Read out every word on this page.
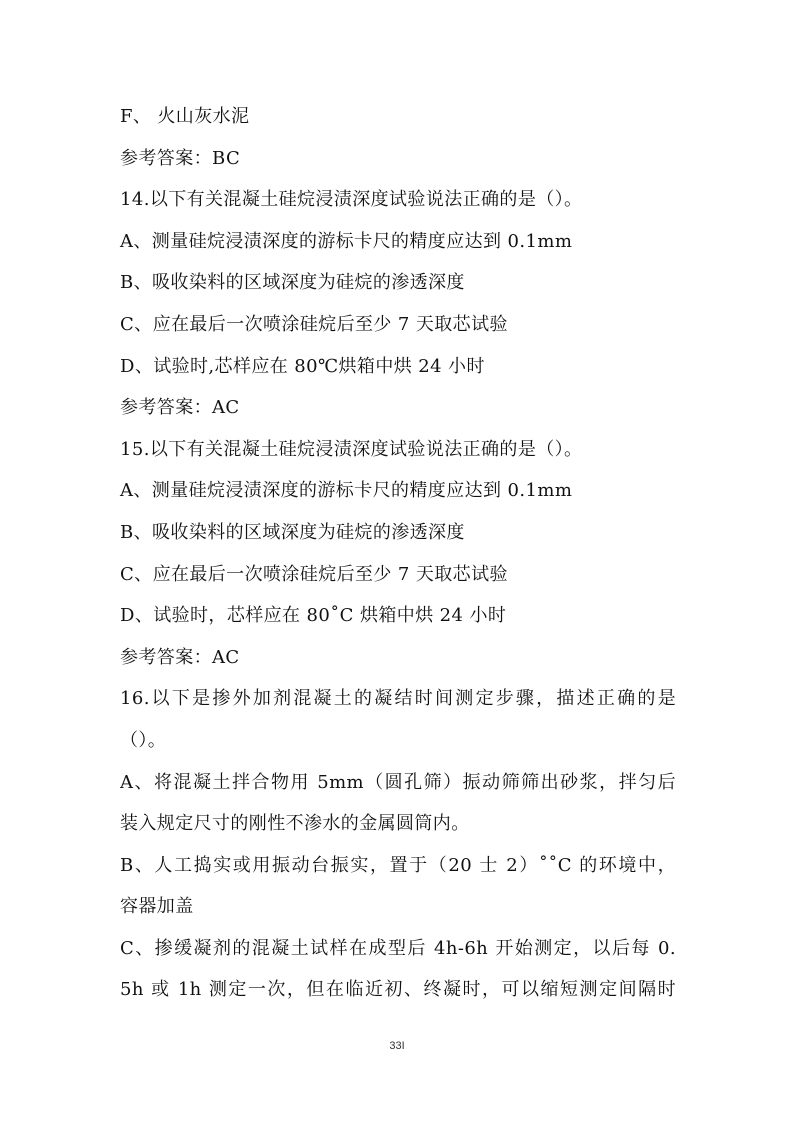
F、 火山灰水泥
参考答案：BC
14.以下有关混凝土硅烷浸渍深度试验说法正确的是（）。
A、测量硅烷浸渍深度的游标卡尺的精度应达到 0.1mm
B、吸收染料的区域深度为硅烷的渗透深度
C、应在最后一次喷涂硅烷后至少 7 天取芯试验
D、试验时,芯样应在 80℃烘箱中烘 24 小时
参考答案：AC
15.以下有关混凝土硅烷浸渍深度试验说法正确的是（）。
A、测量硅烷浸渍深度的游标卡尺的精度应达到 0.1mm
B、吸收染料的区域深度为硅烷的渗透深度
C、应在最后一次喷涂硅烷后至少 7 天取芯试验
D、试验时，芯样应在 80˚C 烘箱中烘 24 小时
参考答案：AC
16.以下是掺外加剂混凝土的凝结时间测定步骤，描述正确的是
（）。
A、将混凝土拌合物用 5mm（圆孔筛）振动筛筛出砂浆，拌匀后
装入规定尺寸的刚性不渗水的金属圆筒内。
B、人工捣实或用振动台振实，置于（20 士 2）˚˚C 的环境中，
容器加盖
C、掺缓凝剂的混凝土试样在成型后 4h-6h 开始测定，以后每 0.
5h 或 1h 测定一次，但在临近初、终凝时，可以缩短测定间隔时
33I
